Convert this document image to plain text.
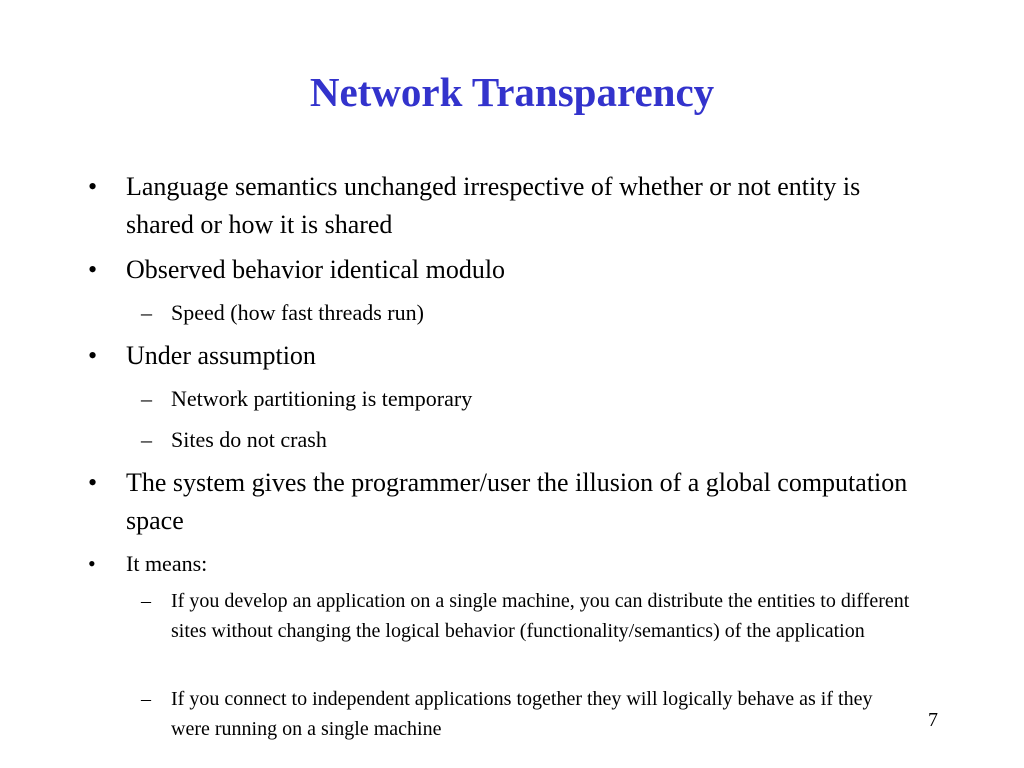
Network Transparency
• Language semantics unchanged irrespective of whether or not entity is shared or how it is shared
• Observed behavior identical modulo
– Speed (how fast threads run)
• Under assumption
– Network partitioning is temporary
– Sites do not crash
• The system gives the programmer/user the illusion of a global computation space
• It means:
– If you develop an application on a single machine, you can distribute the entities to different sites without changing the logical behavior (functionality/semantics) of the application
– If you connect to independent applications together they will logically behave as if they were running on a single machine	7
